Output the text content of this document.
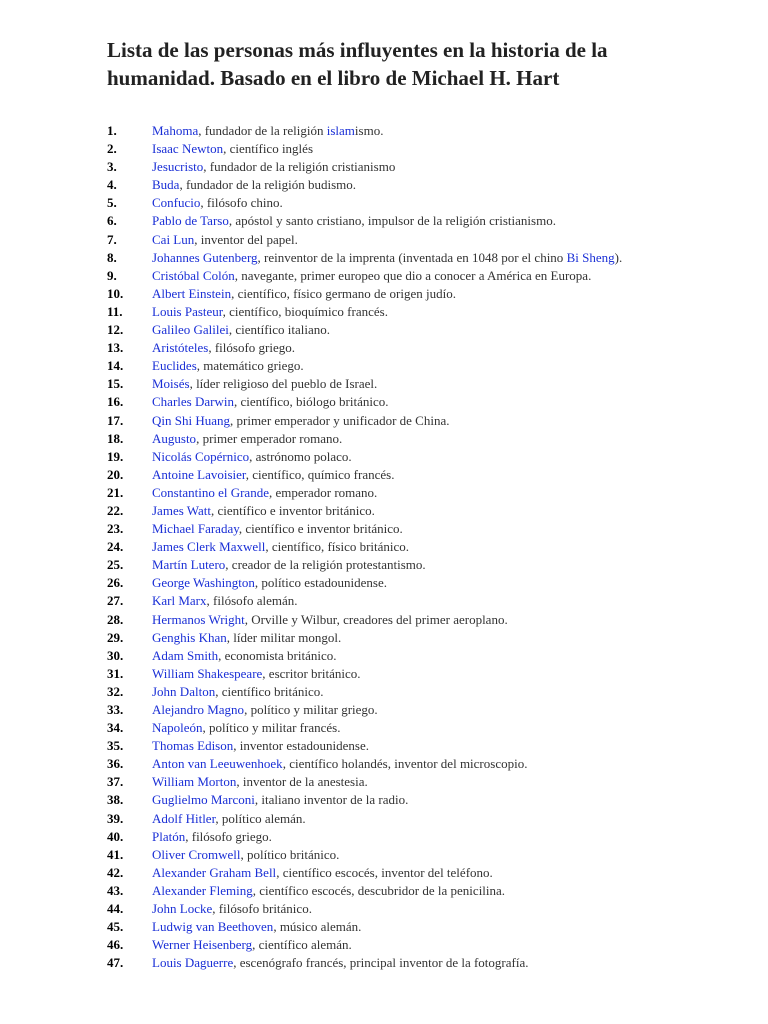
Lista de las personas más influyentes en la historia de la humanidad. Basado en el libro de Michael H. Hart
1.	Mahoma, fundador de la religión islamismo.
2.	Isaac Newton, científico inglés
3.	Jesucristo, fundador de la religión cristianismo
4.	Buda, fundador de la religión budismo.
5.	Confucio, filósofo chino.
6.	Pablo de Tarso, apóstol y santo cristiano, impulsor de la religión cristianismo.
7.	Cai Lun, inventor del papel.
8.	Johannes Gutenberg, reinventor de la imprenta (inventada en 1048 por el chino Bi Sheng).
9.	Cristóbal Colón, navegante, primer europeo que dio a conocer a América en Europa.
10.	Albert Einstein, científico, físico germano de origen judío.
11.	Louis Pasteur, científico, bioquímico francés.
12.	Galileo Galilei, científico italiano.
13.	Aristóteles, filósofo griego.
14.	Euclides, matemático griego.
15.	Moisés, líder religioso del pueblo de Israel.
16.	Charles Darwin, científico, biólogo británico.
17.	Qin Shi Huang, primer emperador y unificador de China.
18.	Augusto, primer emperador romano.
19.	Nicolás Copérnico, astrónomo polaco.
20.	Antoine Lavoisier, científico, químico francés.
21.	Constantino el Grande, emperador romano.
22.	James Watt, científico e inventor británico.
23.	Michael Faraday, científico e inventor británico.
24.	James Clerk Maxwell, científico, físico británico.
25.	Martín Lutero, creador de la religión protestantismo.
26.	George Washington, político estadounidense.
27.	Karl Marx, filósofo alemán.
28.	Hermanos Wright, Orville y Wilbur, creadores del primer aeroplano.
29.	Genghis Khan, líder militar mongol.
30.	Adam Smith, economista británico.
31.	William Shakespeare, escritor británico.
32.	John Dalton, científico británico.
33.	Alejandro Magno, político y militar griego.
34.	Napoleón, político y militar francés.
35.	Thomas Edison, inventor estadounidense.
36.	Anton van Leeuwenhoek, científico holandés, inventor del microscopio.
37.	William Morton, inventor de la anestesia.
38.	Guglielmo Marconi, italiano inventor de la radio.
39.	Adolf Hitler, político alemán.
40.	Platón, filósofo griego.
41.	Oliver Cromwell, político británico.
42.	Alexander Graham Bell, científico escocés, inventor del teléfono.
43.	Alexander Fleming, científico escocés, descubridor de la penicilina.
44.	John Locke, filósofo británico.
45.	Ludwig van Beethoven, músico alemán.
46.	Werner Heisenberg, científico alemán.
47.	Louis Daguerre, escenógrafo francés, principal inventor de la fotografía.
